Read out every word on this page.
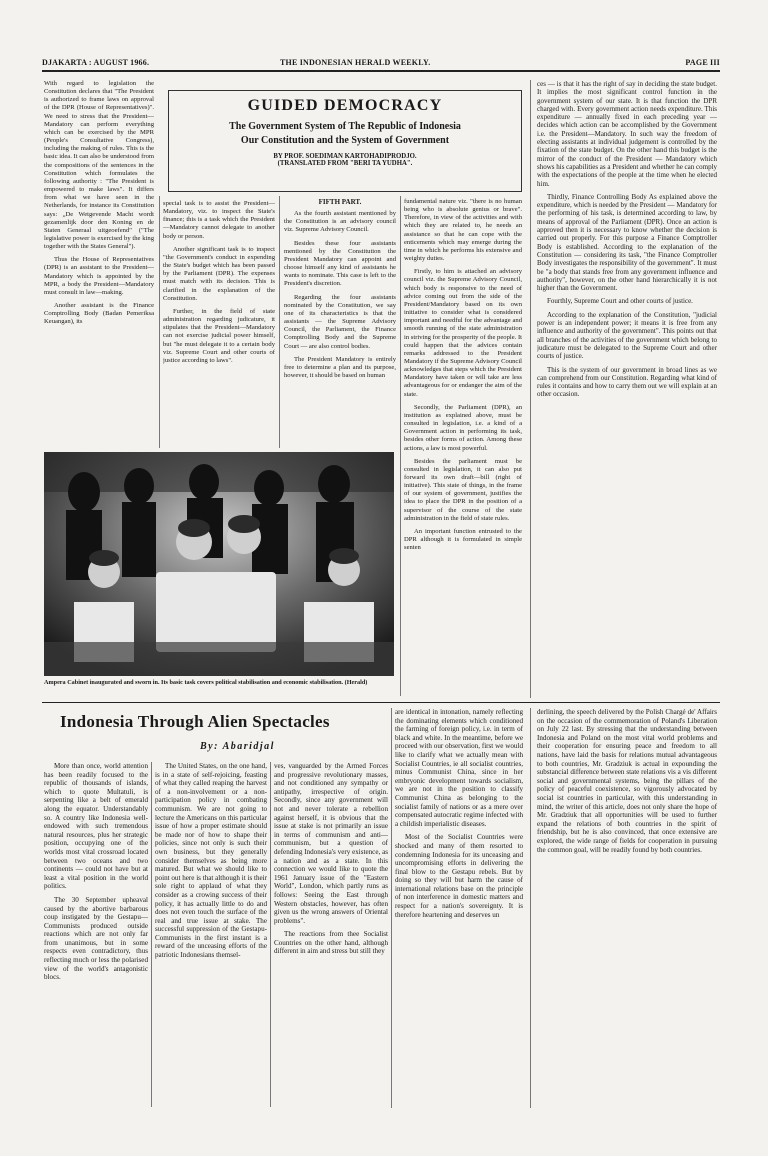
DJAKARTA : AUGUST 1966.	THE INDONESIAN HERALD WEEKLY.	PAGE III

With regard to legislation the Constitution declares that "The President is authorized to frame laws on approval of the DPR (House of Representatives)". We need to stress that the President—Mandatory can perform everything which can be exercised by the MPR (People's Consultative Congress), including the making of rules. This is the basic idea. It can also be understood from the compositions of the sentences in the Constitution which formulates the following authority : "The President is empowered to make laws". It differs from what we have seen in the Netherlands, for instance its Constitution says: „De Wetgevende Macht wordt gezamenlijk door den Koning en de Staten Generaal uitgeoefend" ("The legislative power is exercised by the king together with the States General").

Thus the House of Representatives (DPR) is an assistant to the President—Mandatory which is appointed by the MPR, a body the President—Mandatory must consult in law—making.

Another assistant is the Finance Comptrolling Body (Badan Pemeriksa Keuangan), its

GUIDED DEMOCRACY
The Government System of The Republic of Indonesia
Our Constitution and the System of Government
BY PROF. SOEDIMAN KARTOHADIPRODJO.
(TRANSLATED FROM "BERI TA YUDHA".

special task is to assist the President—Mandatory, viz. to inspect the State's finance; this is a task which the President—Mandatory cannot delegate to another body or person.

Another significant task is to inspect "the Government's conduct in expending the State's budget which has been passed by the Parliament (DPR). The expenses must match with its decision. This is clarified in the explanation of the Constitution.

Further, in the field of state administration regarding judicature, it stipulates that the President—Mandatory can not exercise judicial power himself, but "he must delegate it to a certain body viz. Supreme Court and other courts of justice according to laws".

FIFTH PART.

As the fourth assistant mentioned by the Constitution is an advisory council viz. Supreme Advisory Council.

Besides these four assistants mentioned by the Constitution the President Mandatory can appoint and choose himself any kind of assistants he wants to nominate. This case is left to the President's discretion.

Regarding the four assistants nominated by the Constitution, we say one of its characteristics is that the assistants — the Supreme Advisory Council, the Parliament, the Finance Comptrolling Body and the Supreme Court — are also control bodies.

The President Mandatory is entirely free to determine a plan and its purpose, however, it should be based on human

fundamental nature viz. "there is no human being who is absolute genius or brave". Therefore, in view of the activities and with which they are related to, he needs an assistance so that he can cope with the enticements which may emerge during the time in which he performs his extensive and weighty duties.

Firstly, to him is attached an advisory council viz. the Supreme Advisory Council, which body is responsive to the need of advice coming out from the side of the President/Mandatory based on its own initiative to consider what is considered important and needful for the advantage and smooth running of the state administration in striving for the prosperity of the people. It could happen that the advices contain remarks addressed to the President Mandatory if the Supreme Advisory Council acknowledges that steps which the President Mandatory have taken or will take are less advantageous for or endanger the aim of the state.

Secondly, the Parliament (DPR), an institution as explained above, must be consulted in legislation, i.e. a kind of a Government action in performing its task, besides other forms of action. Among these actions, a law is most powerful.

Besides the parliament must be consulted in legislation, it can also put forward its own draft—bill (right of initiative). This state of things, in the frame of our system of government, justifies the idea to place the DPR in the position of a supervisor of the course of the state administration in the field of state rules.

An important function entrusted to the DPR although it is formulated in simple senten

ces — is that it has the right of say in deciding the state budget. It implies the most significant control function in the government system of our state. It is that function the DPR charged with. Every government action needs expenditure. This expenditure — annually fixed in each preceding year — decides which action can be accomplished by the Government i.e. the President—Mandatory. In such way the freedom of electing assistants at individual judgement is controlled by the fixation of the state budget. On the other hand this budget is the mirror of the conduct of the President — Mandatory which shows his capabilities as a President and whether he can comply with the expectations of the people at the time when he elected him.

Thirdly, Finance Controlling Body As explained above the expenditure, which is needed by the President — Mandatory for the performing of his task, is determined according to law, by means of approval of the Parliament (DPR). Once an action is approved then it is necessary to know whether the decision is carried out properly. For this purpose a Finance Comptroller Body is established. According to the explanation of the Constitution — considering its task, "the Finance Comptroller Body investigates the responsibility of the government". It must be "a body that stands free from any government influence and authority", however, on the other hand hierarchically it is not higher than the Government.

Fourthly, Supreme Court and other courts of justice.

According to the explanation of the Constitution, "judicial power is an independent power; it means it is free from any influence and authority of the government". This points out that all branches of the activities of the government which belong to judicature must be delegated to the Supreme Court and other courts of justice.

This is the system of our government in broad lines as we can comprehend from our Constitution. Regarding what kind of rules it contains and how to carry them out we will explain at an other occasion.

Ampera Cabinet inaugurated and sworn in. Its basic task covers political stabilisation and economic stabilisation. (Herald)
Indonesia Through Alien Spectacles
By: Abaridjal

More than once, world attention has been readily focused to the republic of thousands of islands, which to quote Multatuli, is serpenting like a belt of emerald along the equator. Understandably so. A country like Indonesia well-endowed with such tremendous natural resources, plus her strategic position, occupying one of the worlds most vital crossroad located between two oceans and two continents — could not have but at least a vital position in the world politics.

The 30 September upheaval caused by the abortive barbarous coup instigated by the Gestapu—Communists produced outside reactions which are not only far from unanimous, but in some respects even contradictory, thus reflecting much or less the polarised view of the world's antagonistic blocs.

The United States, on the one hand, is in a state of self-rejoicing, feasting of what they called reaping the harvest of a non-involvement or a non-participation policy in combating communism. We are not going to lecture the Americans on this particular issue of how a proper estimate should be made nor of how to shape their policies, since not only is such their own business, but they generally consider themselves as being more matured. But what we should like to point out here is that although it is their sole right to applaud of what they consider as a crowing success of their policy, it has actually little to do and does not even touch the surface of the real and true issue at stake. The successful suppression of the Gestapu-Communists in the first instant is a reward of the unceasing efforts of the patriotic Indonesians themsel-

ves, vanguarded by the Armed Forces and progressive revolutionary masses, and not conditioned any sympathy or antipathy, irrespective of origin. Secondly, since any government will not and never tolerate a rebellion against herself, it is obvious that the issue at stake is not primarily an issue in terms of communism and anti—communism, but a question of defending Indonesia's very existence, as a nation and as a state. In this connection we would like to quote the 1961 January issue of the "Eastern World", London, which partly runs as follows: Seeing the East through Western obstacles, however, has often given us the wrong answers of Oriental problems".

The reactions from thee Socialist Countries on the other hand, although different in aim and stress but still they

are identical in intonation, namely reflecting the dominating elements which conditioned the farming of foreign policy, i.e. in term of black and white. In the meantime, before we proceed with our observation, first we would like to clarify what we actually mean with Socialist Countries, ie all socialist countries, minus Communist China, since in her embryonic development towards socialism, we are not in the position to classify Communist China as belonging to the socialist family of nations or as a mere over compensated autocratic regime infected with a childish imperialistic diseases.

Most of the Socialist Countries were shocked and many of them resorted to condemning Indonesia for its unceasing and uncompromising efforts in delivering the final blow to the Gestapu rebels. But by doing so they will but harm the cause of international relations base on the principle of non interference in domestic matters and respect for a nation's sovereignty. It is therefore heartening and deserves un

derlining, the speech delivered by the Polish Chargé de' Affairs on the occasion of the commemoration of Poland's Liberation on July 22 last. By stressing that the understanding between Indonesia and Poland on the most vital world problems and their cooperation for ensuring peace and freedom to all nations, have laid the basis for relations mutual advantageous to both countries, Mr. Gradziuk is actual in expounding the substancial difference between state relations vis a vis different social and governmental systems, being the pillars of the policy of peaceful coexistence, so vigorously advocated by social ist countries in particular, with this understanding in mind, the writer of this article, does not only share the hope of Mr. Gradziuk that all opportunities will be used to further expand the relations of both countries in the spirit of friendship, but he is also convinced, that once extensive are explored, the wide range of fields for cooperation in pursuing the common goal, will be readily found by both countries.
